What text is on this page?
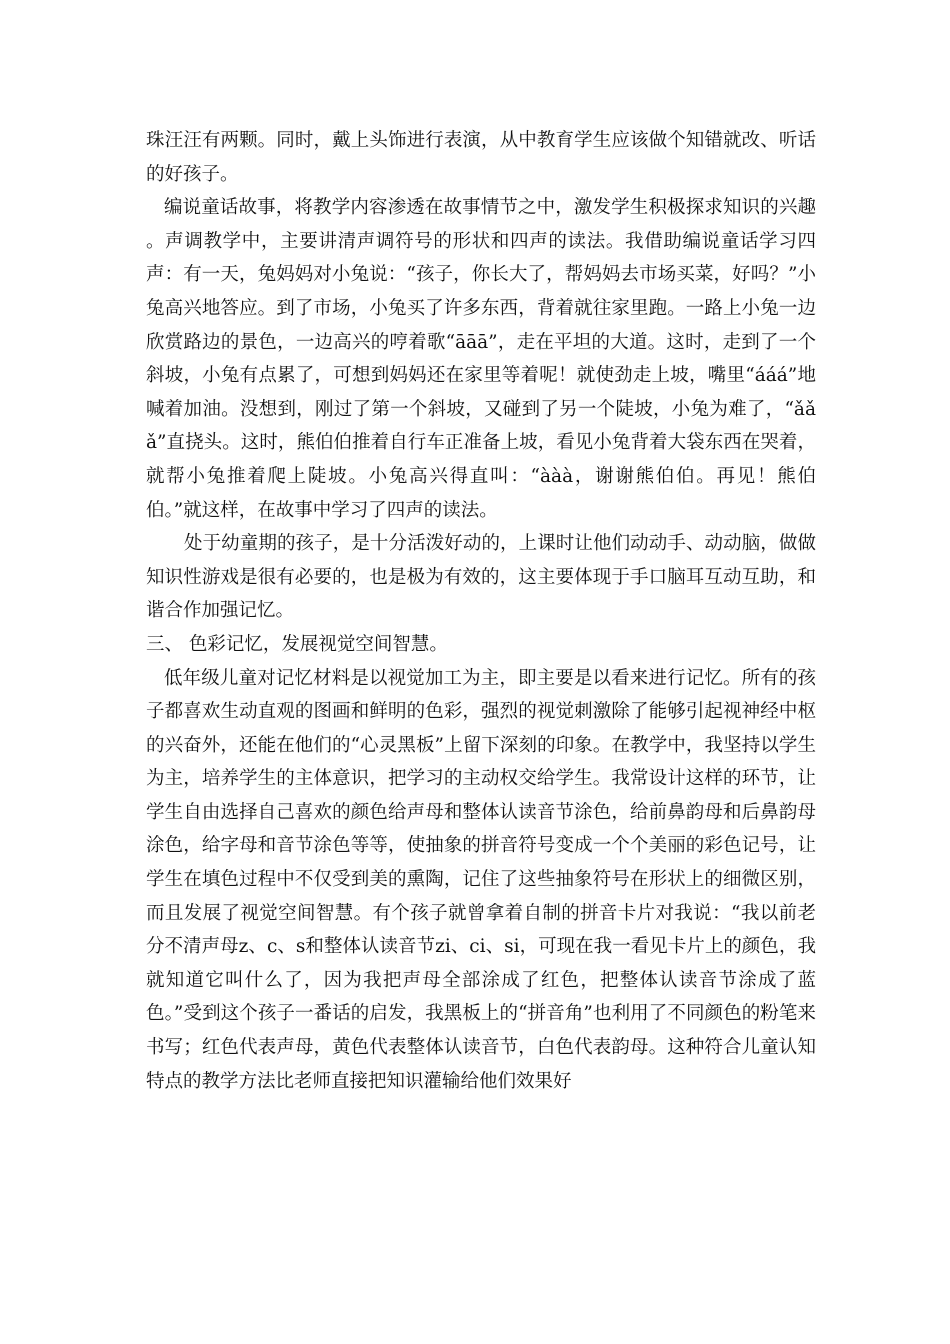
珠汪汪有两颗。同时，戴上头饰进行表演，从中教育学生应该做个知错就改、听话的好孩子。

编说童话故事，将教学内容渗透在故事情节之中，激发学生积极探求知识的兴趣 。声调教学中，主要讲清声调符号的形状和四声的读法。我借助编说童话学习四声：有一天，兔妈妈对小兔说：“孩子，你长大了，帮妈妈去市场买菜，好吗？”小兔高兴地答应。到了市场，小兔买了许多东西，背着就往家里跑。一路上小兔一边欣赏路边的景色，一边高兴的哼着歌“āāā”，走在平坦的大道。这时，走到了一个斜坡，小兔有点累了，可想到妈妈还在家里等着呢！就使劲走上坡，嘴里“ááá”地喊着加油。没想到，刚过了第一个斜坡，又碰到了另一个陡坡，小兔为难了，“ǎǎǎ”直挠头。这时，熊伯伯推着自行车正准备上坡，看见小兔背着大袋东西在哭着，就帮小兔推着爬上陡坡。小兔高兴得直叫：“ààà，谢谢熊伯伯。再见！熊伯伯。”就这样，在故事中学习了四声的读法。

处于幼童期的孩子，是十分活泼好动的，上课时让他们动动手、动动脑，做做知识性游戏是很有必要的，也是极为有效的，这主要体现于手口脑耳互动互助，和谐合作加强记忆。

三、 色彩记忆，发展视觉空间智慧。

低年级儿童对记忆材料是以视觉加工为主，即主要是以看来进行记忆。所有的孩子都喜欢生动直观的图画和鲜明的色彩，强烈的视觉刺激除了能够引起视神经中枢的兴奋外，还能在他们的“心灵黑板”上留下深刻的印象。在教学中，我坚持以学生为主，培养学生的主体意识，把学习的主动权交给学生。我常设计这样的环节，让学生自由选择自己喜欢的颜色给声母和整体认读音节涂色，给前鼻韵母和后鼻韵母涂色，给字母和音节涂色等等，使抽象的拼音符号变成一个个美丽的彩色记号，让学生在填色过程中不仅受到美的熏陶，记住了这些抽象符号在形状上的细微区别，而且发展了视觉空间智慧。有个孩子就曾拿着自制的拼音卡片对我说：“我以前老分不清声母z、c、s和整体认读音节zi、ci、si，可现在我一看见卡片上的颜色，我就知道它叫什么了，因为我把声母全部涂成了红色，把整体认读音节涂成了蓝色。”受到这个孩子一番话的启发，我黑板上的“拼音角”也利用了不同颜色的粉笔来书写；红色代表声母，黄色代表整体认读音节，白色代表韵母。这种符合儿童认知特点的教学方法比老师直接把知识灌输给他们效果好
